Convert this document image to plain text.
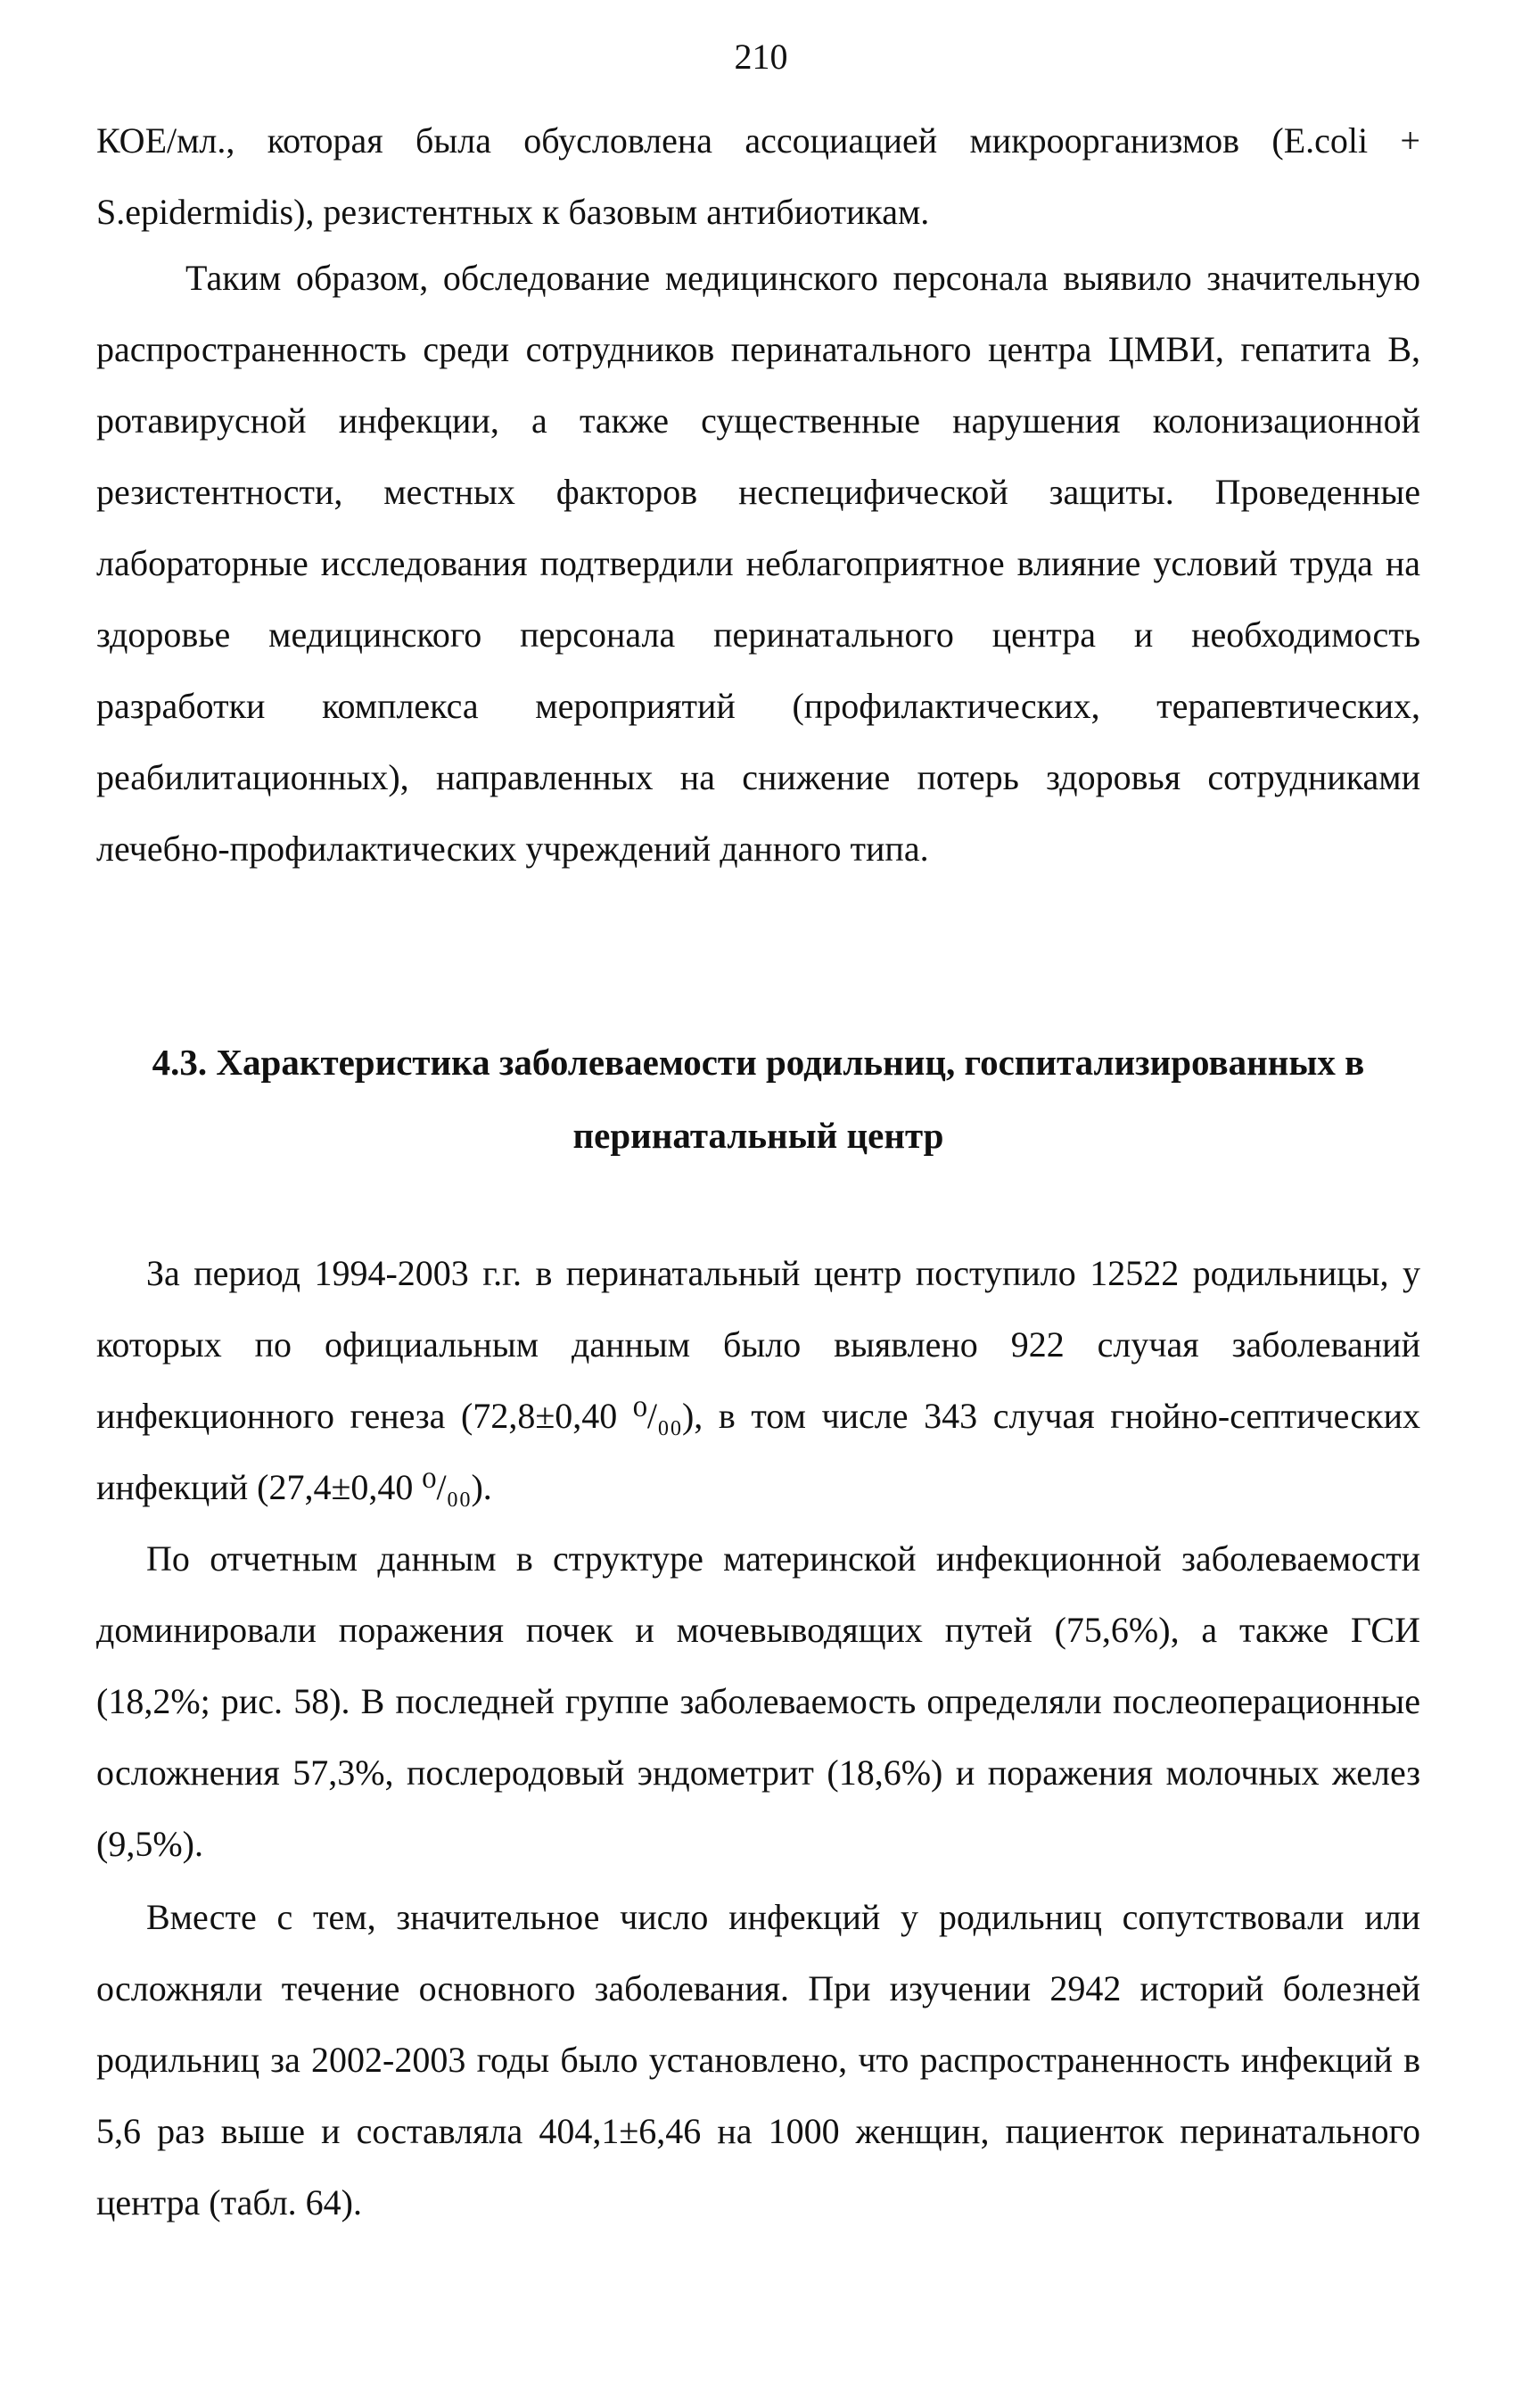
210

КОЕ/мл., которая была обусловлена ассоциацией микроорганизмов (E.coli + S.epidermidis), резистентных к базовым антибиотикам.

Таким образом, обследование медицинского персонала выявило значительную распространенность среди сотрудников перинатального центра ЦМВИ, гепатита В, ротавирусной инфекции, а также существенные нарушения колонизационной резистентности, местных факторов неспецифической защиты. Проведенные лабораторные исследования подтвердили неблагоприятное влияние условий труда на здоровье медицинского персонала перинатального центра и необходимость разработки комплекса мероприятий (профилактических, терапевтических, реабилитационных), направленных на снижение потерь здоровья сотрудниками лечебно-профилактических учреждений данного типа.

4.3. Характеристика заболеваемости родильниц, госпитализированных в перинатальный центр

За период 1994-2003 г.г. в перинатальный центр поступило 12522 родильницы, у которых по официальным данным было выявлено 922 случая заболеваний инфекционного генеза (72,8±0,40 ⁰/₀₀), в том числе 343 случая гнойно-септических инфекций (27,4±0,40 ⁰/₀₀).

По отчетным данным в структуре материнской инфекционной заболеваемости доминировали поражения почек и мочевыводящих путей (75,6%), а также ГСИ (18,2%; рис. 58). В последней группе заболеваемость определяли послеоперационные осложнения 57,3%, послеродовый эндометрит (18,6%) и поражения молочных желез (9,5%).

Вместе с тем, значительное число инфекций у родильниц сопутствовали или осложняли течение основного заболевания. При изучении 2942 историй болезней родильниц за 2002-2003 годы было установлено, что распространенность инфекций в 5,6 раз выше и составляла 404,1±6,46 на 1000 женщин, пациенток перинатального центра (табл. 64).
